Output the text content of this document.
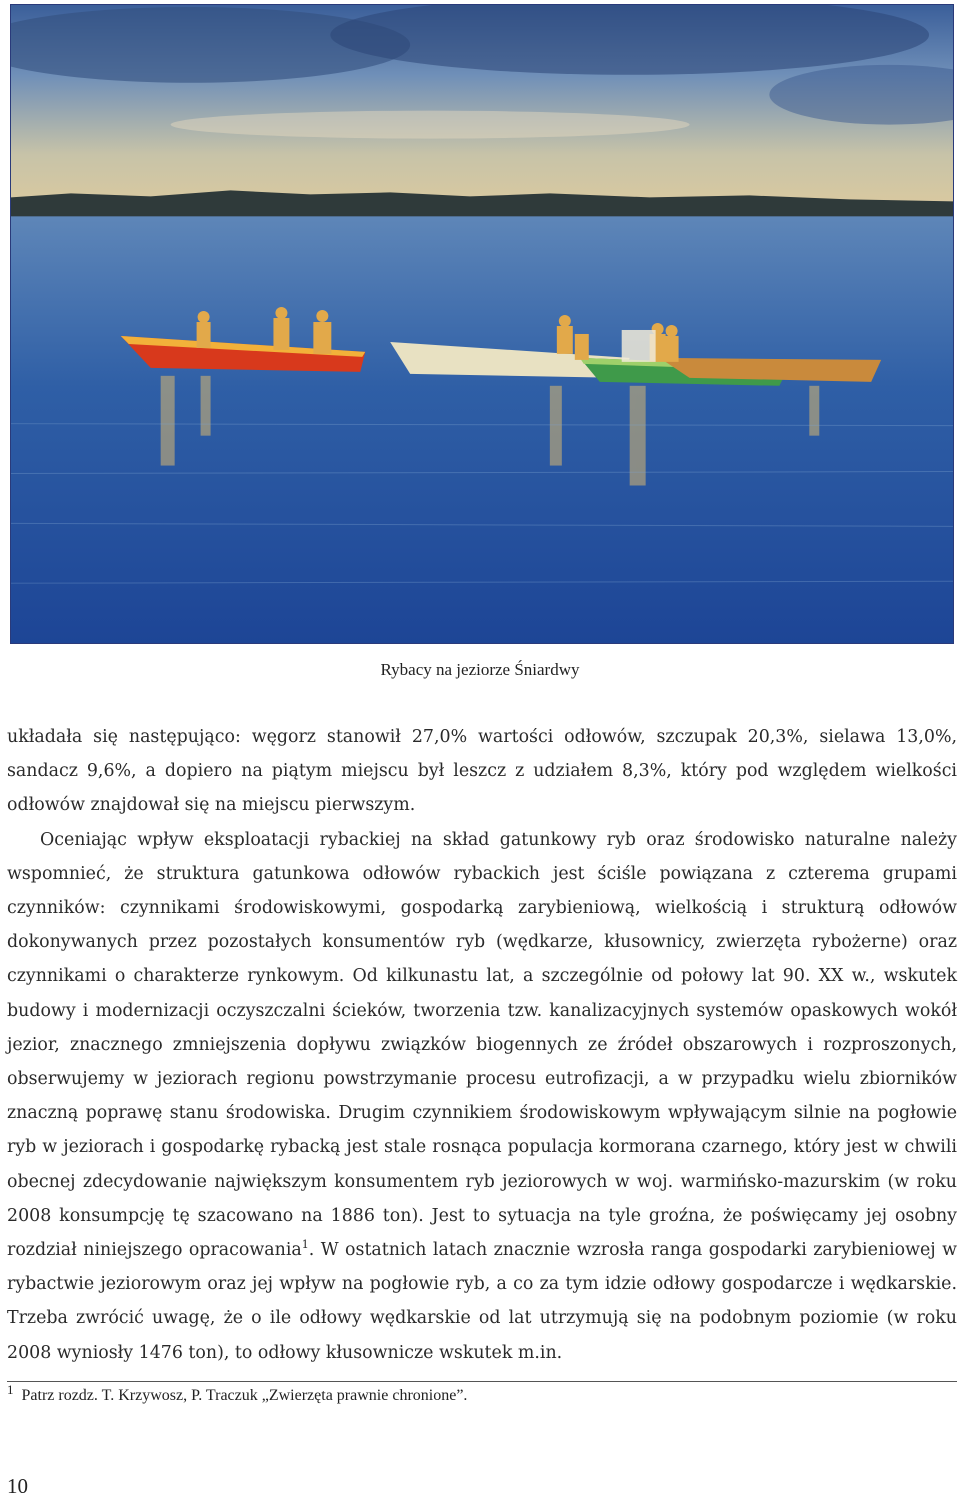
Rybacy na jeziorze Śniardwy

układała się następująco: węgorz stanowił 27,0% wartości odłowów, szczupak 20,3%, sielawa 13,0%, sandacz 9,6%, a dopiero na piątym miejscu był leszcz z udziałem 8,3%, który pod względem wielkości odłowów znajdował się na miejscu pierwszym.

Oceniając wpływ eksploatacji rybackiej na skład gatunkowy ryb oraz środowisko naturalne należy wspomnieć, że struktura gatunkowa odłowów rybackich jest ściśle powiązana z czterema grupami czynników: czynnikami środowiskowymi, gospodarką zarybieniową, wielkością i strukturą odłowów dokonywanych przez pozostałych konsumentów ryb (wędkarze, kłusownicy, zwierzęta rybożerne) oraz czynnikami o charakterze rynkowym. Od kilkunastu lat, a szczególnie od połowy lat 90. XX w., wskutek budowy i modernizacji oczyszczalni ścieków, tworzenia tzw. kanalizacyjnych systemów opaskowych wokół jezior, znacznego zmniejszenia dopływu związków biogennych ze źródeł obszarowych i rozproszonych, obserwujemy w jeziorach regionu powstrzymanie procesu eutrofizacji, a w przypadku wielu zbiorników znaczną poprawę stanu środowiska. Drugim czynnikiem środowiskowym wpływającym silnie na pogłowie ryb w jeziorach i gospodarkę rybacką jest stale rosnąca populacja kormorana czarnego, który jest w chwili obecnej zdecydowanie największym konsumentem ryb jeziorowych w woj. warmińsko-mazurskim (w roku 2008 konsumpcję tę szacowano na 1886 ton). Jest to sytuacja na tyle groźna, że poświęcamy jej osobny rozdział niniejszego opracowania$^1$. W ostatnich latach znacznie wzrosła ranga gospodarki zarybieniowej w rybactwie jeziorowym oraz jej wpływ na pogłowie ryb, a co za tym idzie odłowy gospodarcze i wędkarskie. Trzeba zwrócić uwagę, że o ile odłowy wędkarskie od lat utrzymują się na podobnym poziomie (w roku 2008 wyniosły 1476 ton), to odłowy kłusownicze wskutek m.in.

$^1$ Patrz rozdz. T. Krzywosz, P. Traczuk „Zwierzęta prawnie chronione”.
10
